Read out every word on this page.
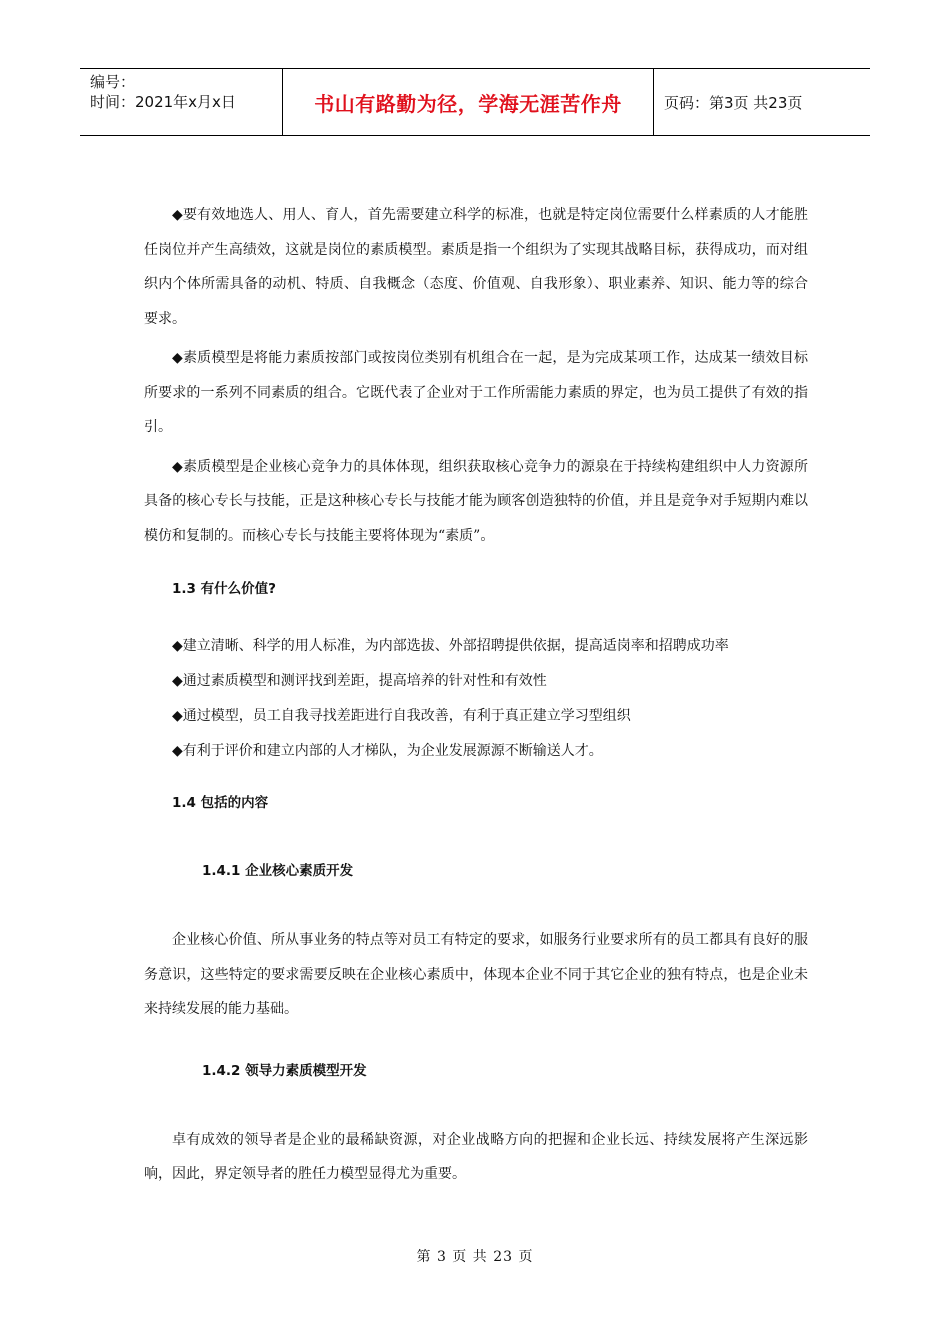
编号：
时间：2021年x月x日	书山有路勤为径，学海无涯苦作舟	页码：第3页 共23页

◆要有效地选人、用人、育人，首先需要建立科学的标准，也就是特定岗位需要什么样素质的人才能胜任岗位并产生高绩效，这就是岗位的素质模型。素质是指一个组织为了实现其战略目标，获得成功，而对组织内个体所需具备的动机、特质、自我概念（态度、价值观、自我形象）、职业素养、知识、能力等的综合要求。

◆素质模型是将能力素质按部门或按岗位类别有机组合在一起，是为完成某项工作，达成某一绩效目标所要求的一系列不同素质的组合。它既代表了企业对于工作所需能力素质的界定，也为员工提供了有效的指引。

◆素质模型是企业核心竞争力的具体体现，组织获取核心竞争力的源泉在于持续构建组织中人力资源所具备的核心专长与技能，正是这种核心专长与技能才能为顾客创造独特的价值，并且是竞争对手短期内难以模仿和复制的。而核心专长与技能主要将体现为“素质”。

1.3 有什么价值?

◆建立清晰、科学的用人标准，为内部选拔、外部招聘提供依据，提高适岗率和招聘成功率

◆通过素质模型和测评找到差距，提高培养的针对性和有效性

◆通过模型，员工自我寻找差距进行自我改善，有利于真正建立学习型组织

◆有利于评价和建立内部的人才梯队，为企业发展源源不断输送人才。

1.4 包括的内容
1.4.1 企业核心素质开发

企业核心价值、所从事业务的特点等对员工有特定的要求，如服务行业要求所有的员工都具有良好的服务意识，这些特定的要求需要反映在企业核心素质中，体现本企业不同于其它企业的独有特点，也是企业未来持续发展的能力基础。

1.4.2 领导力素质模型开发

卓有成效的领导者是企业的最稀缺资源，对企业战略方向的把握和企业长远、持续发展将产生深远影响，因此，界定领导者的胜任力模型显得尤为重要。

第 3 页 共 23 页
